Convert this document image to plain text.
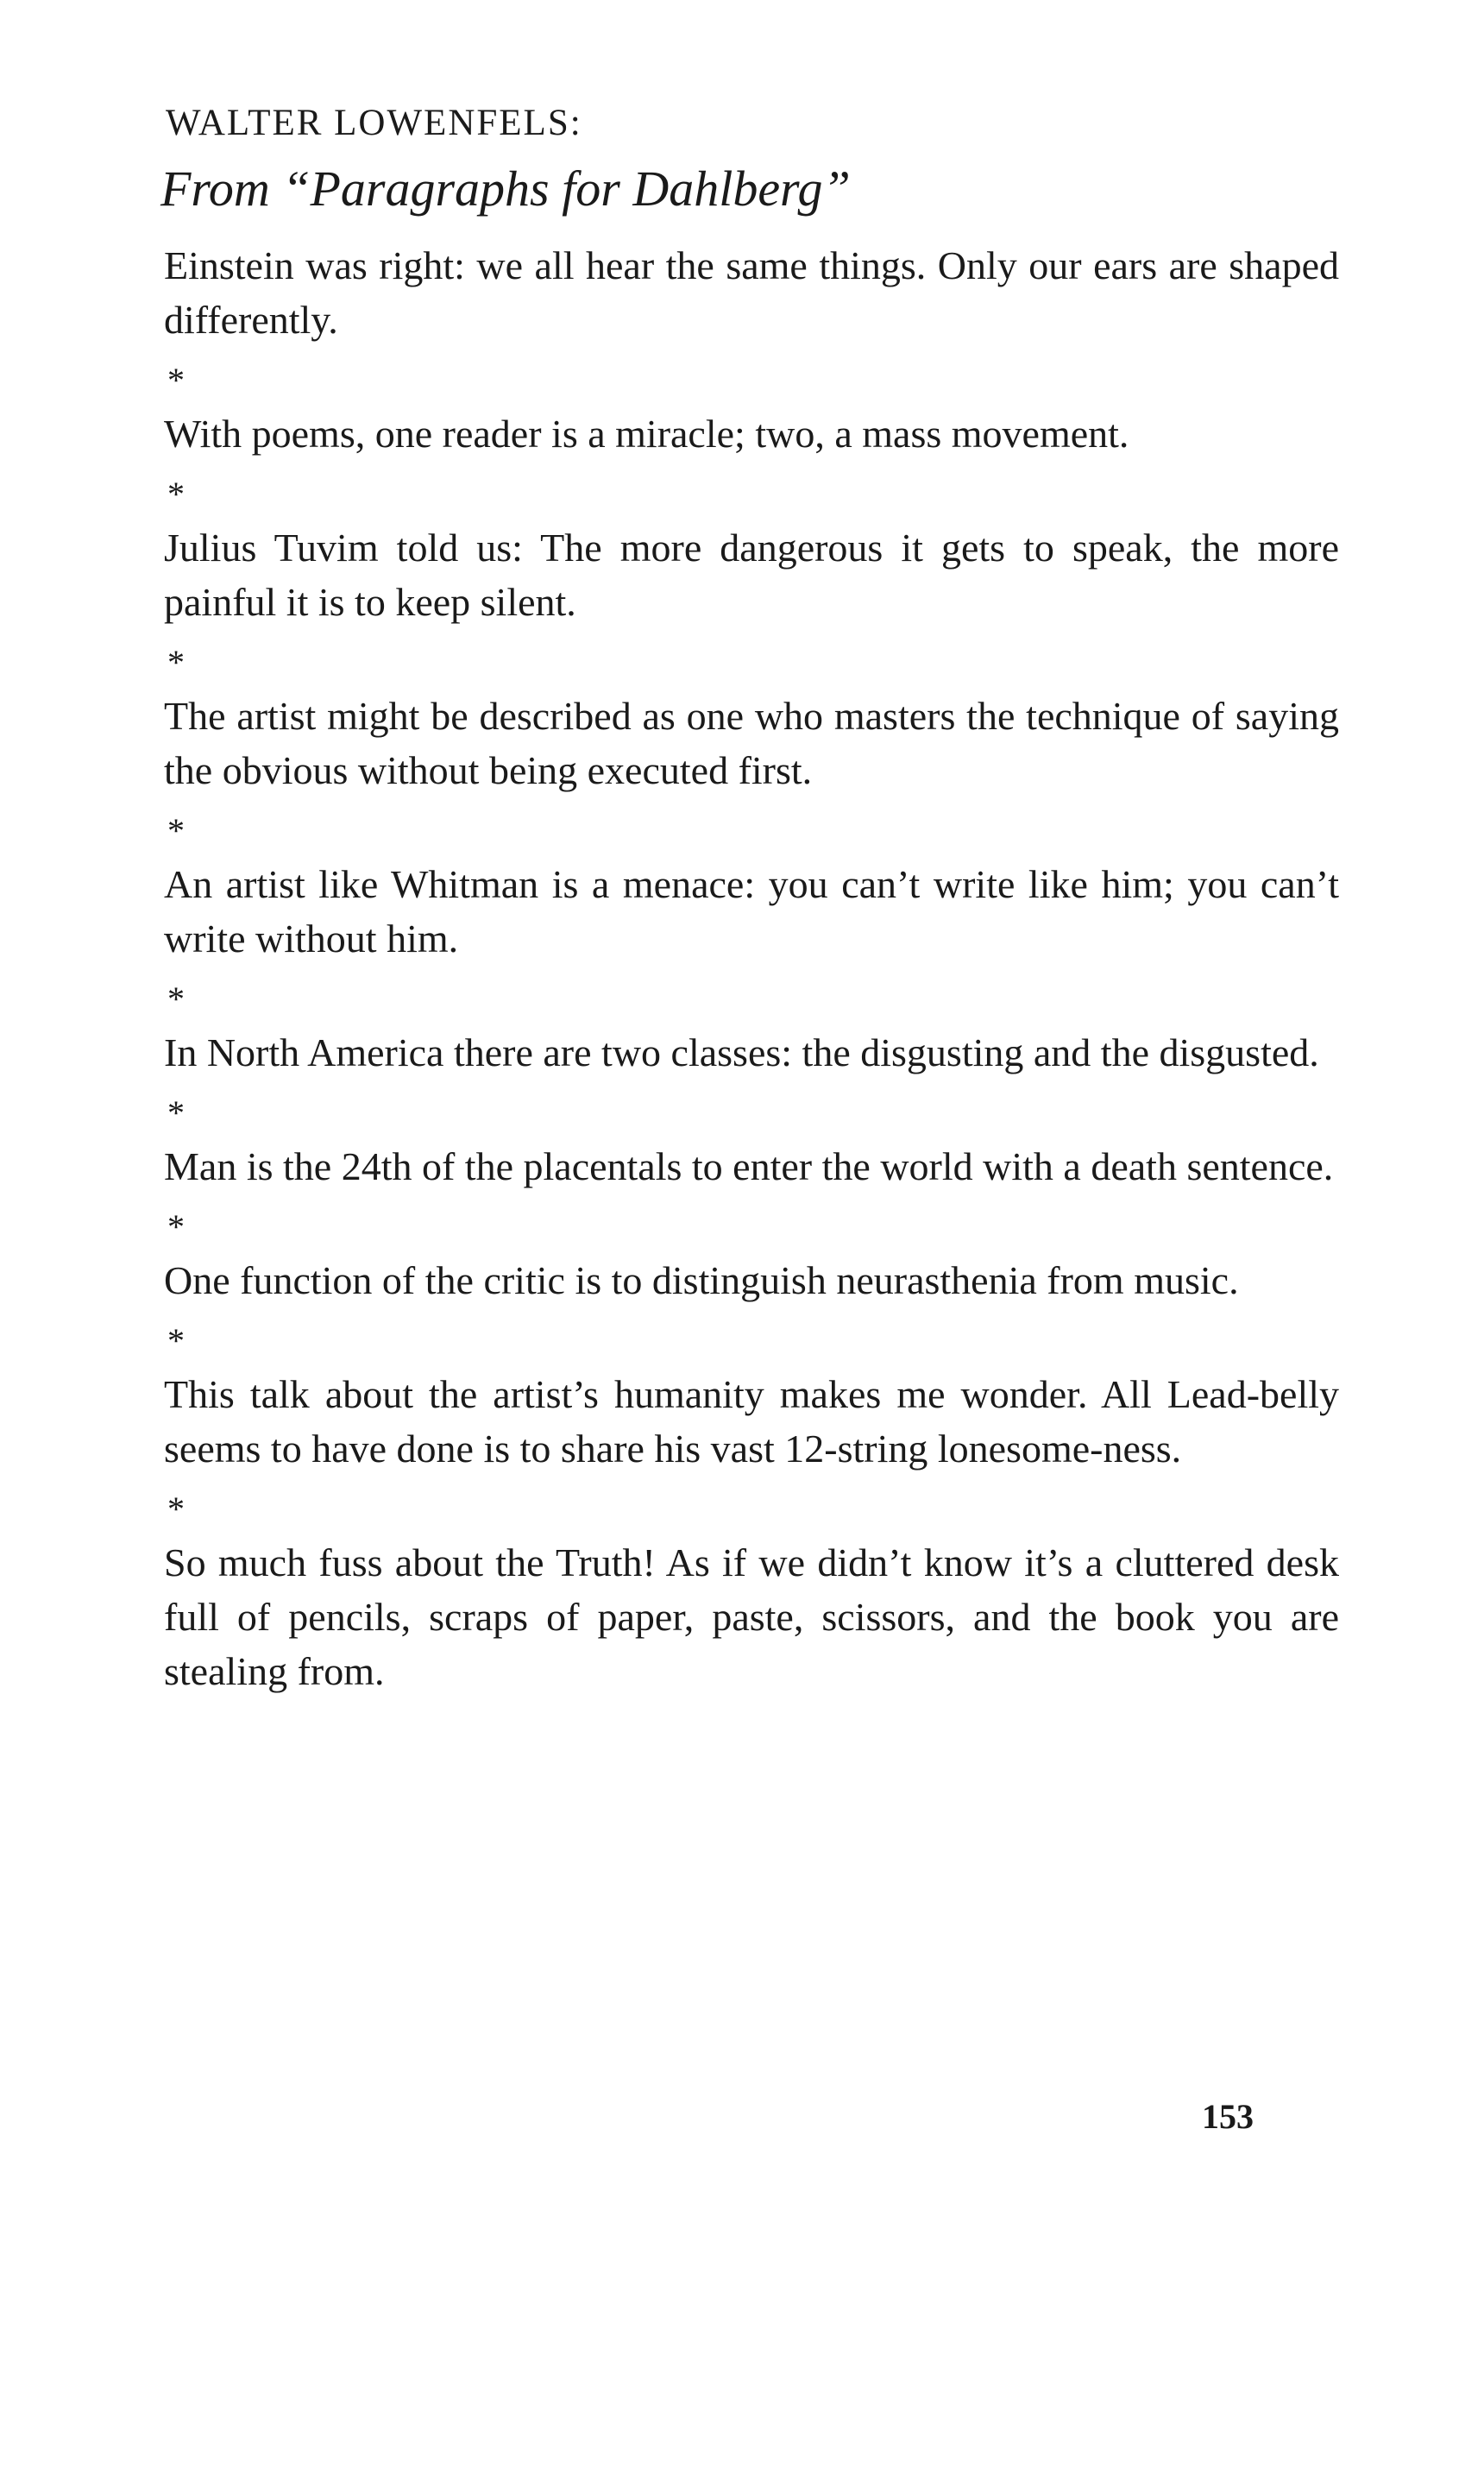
WALTER LOWENFELS:
From “Paragraphs for Dahlberg”

Einstein was right: we all hear the same things. Only our ears are shaped differently.

*

With poems, one reader is a miracle; two, a mass movement.

*

Julius Tuvim told us: The more dangerous it gets to speak, the more painful it is to keep silent.

*

The artist might be described as one who masters the technique of saying the obvious without being executed first.

*

An artist like Whitman is a menace: you can’t write like him; you can’t write without him.

*

In North America there are two classes: the disgusting and the disgusted.

*

Man is the 24th of the placentals to enter the world with a death sentence.

*

One function of the critic is to distinguish neurasthenia from music.

*

This talk about the artist’s humanity makes me wonder. All Lead-belly seems to have done is to share his vast 12-string lonesome-ness.

*

So much fuss about the Truth! As if we didn’t know it’s a cluttered desk full of pencils, scraps of paper, paste, scissors, and the book you are stealing from.

153
